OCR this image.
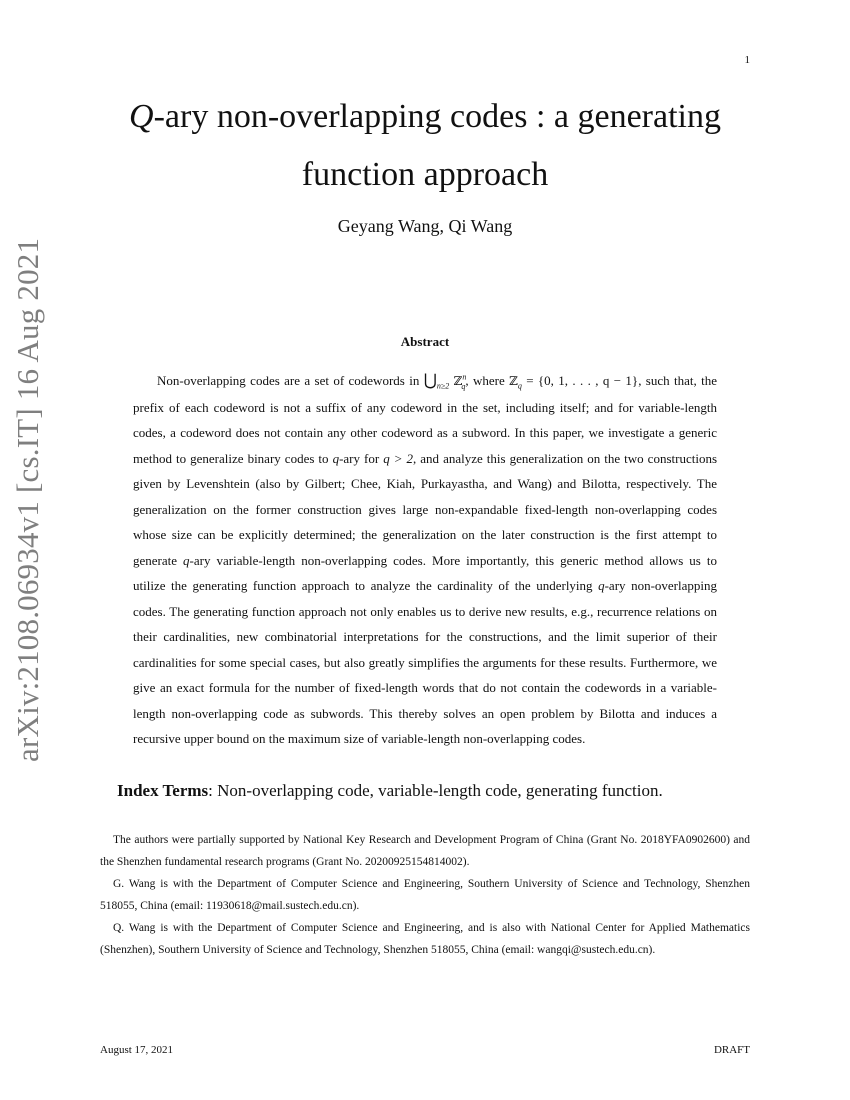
1
arXiv:2108.06934v1 [cs.IT] 16 Aug 2021
Q-ary non-overlapping codes : a generating
function approach
Geyang Wang, Qi Wang
Abstract

Non-overlapping codes are a set of codewords in $⋃_{n\ge 2}$ ℤ$^n_q$, where ℤ$_q$ = {0, 1, . . . , q − 1}, such that, the prefix of each codeword is not a suffix of any codeword in the set, including itself; and for variable-length codes, a codeword does not contain any other codeword as a subword. In this paper, we investigate a generic method to generalize binary codes to q-ary for q > 2, and analyze this generalization on the two constructions given by Levenshtein (also by Gilbert; Chee, Kiah, Purkayastha, and Wang) and Bilotta, respectively. The generalization on the former construction gives large non-expandable fixed-length non-overlapping codes whose size can be explicitly determined; the generalization on the later construction is the first attempt to generate q-ary variable-length non-overlapping codes. More importantly, this generic method allows us to utilize the generating function approach to analyze the cardinality of the underlying q-ary non-overlapping codes. The generating function approach not only enables us to derive new results, e.g., recurrence relations on their cardinalities, new combinatorial interpretations for the constructions, and the limit superior of their cardinalities for some special cases, but also greatly simplifies the arguments for these results. Furthermore, we give an exact formula for the number of fixed-length words that do not contain the codewords in a variable-length non-overlapping code as subwords. This thereby solves an open problem by Bilotta and induces a recursive upper bound on the maximum size of variable-length non-overlapping codes.

Index Terms: Non-overlapping code, variable-length code, generating function.

The authors were partially supported by National Key Research and Development Program of China (Grant No. 2018YFA0902600) and the Shenzhen fundamental research programs (Grant No. 20200925154814002).

G. Wang is with the Department of Computer Science and Engineering, Southern University of Science and Technology, Shenzhen 518055, China (email: 11930618@mail.sustech.edu.cn).

Q. Wang is with the Department of Computer Science and Engineering, and is also with National Center for Applied Mathematics (Shenzhen), Southern University of Science and Technology, Shenzhen 518055, China (email: wangqi@sustech.edu.cn).

August 17, 2021	DRAFT
